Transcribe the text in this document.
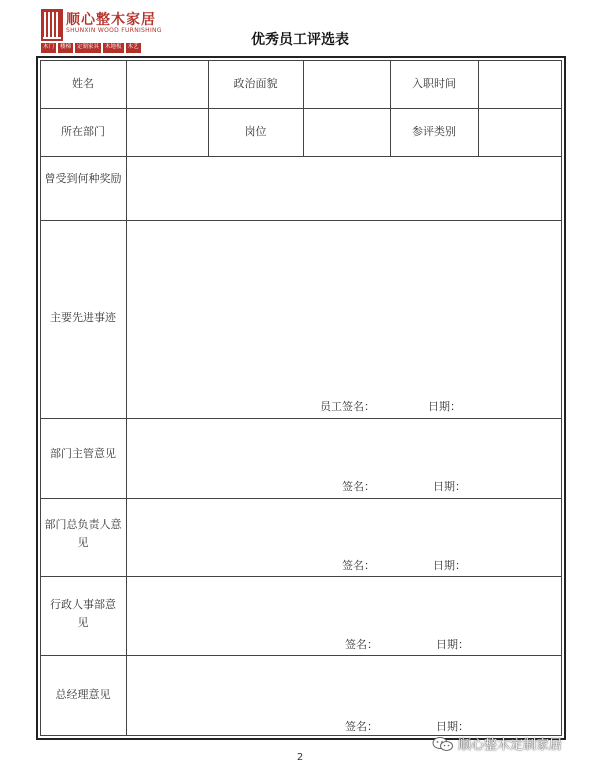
顺心整木家居
SHUNXIN WOOD FURNISHING
木门	楼梯	定制家具	木地板	木艺	优秀员工评选表
姓名	政治面貌	入职时间
所在部门	岗位	参评类别
曾受到何种奖励
主要先进事迹
员工签名：	日期：
部门主管意见
签名：	日期：
部门总负责人意见
签名：	日期：
行政人事部意见
签名：	日期：
总经理意见
签名：	日期：
2
顺心整木定制家居
